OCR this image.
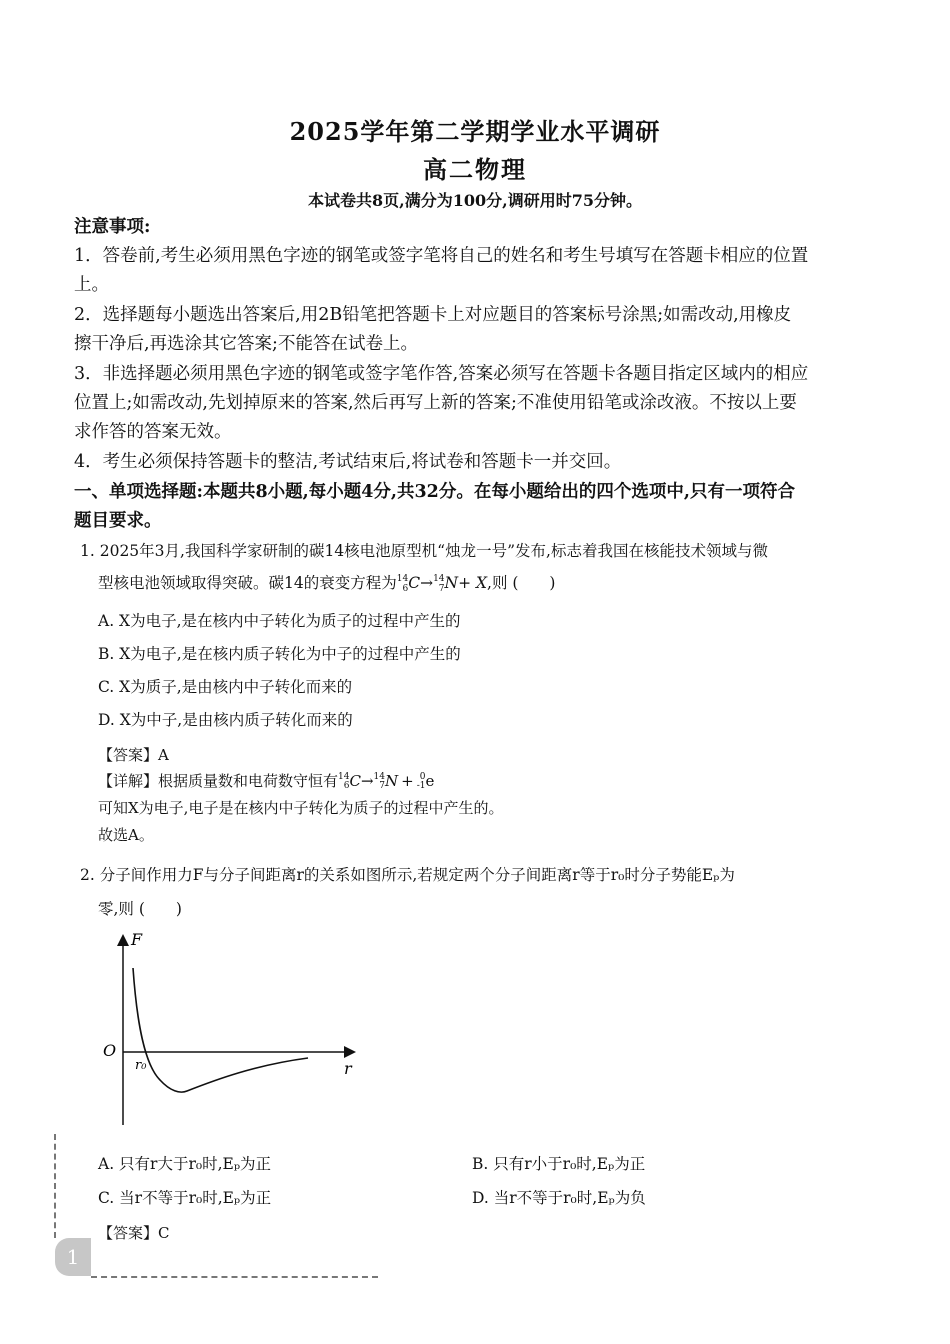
2025学年第二学期学业水平调研
高二物理
本试卷共8页,满分为100分,调研用时75分钟。
注意事项:
1．答卷前,考生必须用黑色字迹的钢笔或签字笔将自己的姓名和考生号填写在答题卡相应的位置
上。
2．选择题每小题选出答案后,用2B铅笔把答题卡上对应题目的答案标号涂黑;如需改动,用橡皮
擦干净后,再选涂其它答案;不能答在试卷上。
3．非选择题必须用黑色字迹的钢笔或签字笔作答,答案必须写在答题卡各题目指定区域内的相应
位置上;如需改动,先划掉原来的答案,然后再写上新的答案;不准使用铅笔或涂改液。不按以上要
求作答的答案无效。
4．考生必须保持答题卡的整洁,考试结束后,将试卷和答题卡一并交回。
一、单项选择题:本题共8小题,每小题4分,共32分。在每小题给出的四个选项中,只有一项符合
题目要求。
1. 2025年3月,我国科学家研制的碳14核电池原型机“烛龙一号”发布,标志着我国在核能技术领域与微
型核电池领域取得突破。碳14的衰变方程为14
6C→14
7N+ X,则 (　　)
A. X为电子,是在核内中子转化为质子的过程中产生的
B. X为电子,是在核内质子转化为中子的过程中产生的
C. X为质子,是由核内中子转化而来的
D. X为中子,是由核内质子转化而来的
【答案】A
【详解】根据质量数和电荷数守恒有14
6C→14
7N + 0
-1e
可知X为电子,电子是在核内中子转化为质子的过程中产生的。
故选A。
2. 分子间作用力F与分子间距离r的关系如图所示,若规定两个分子间距离r等于r₀时分子势能Eₚ为
零,则 (　　)
F
r
O
r₀
A. 只有r大于r₀时,Eₚ为正	B. 只有r小于r₀时,Eₚ为正
C. 当r不等于r₀时,Eₚ为正	D. 当r不等于r₀时,Eₚ为负
【答案】C
1
